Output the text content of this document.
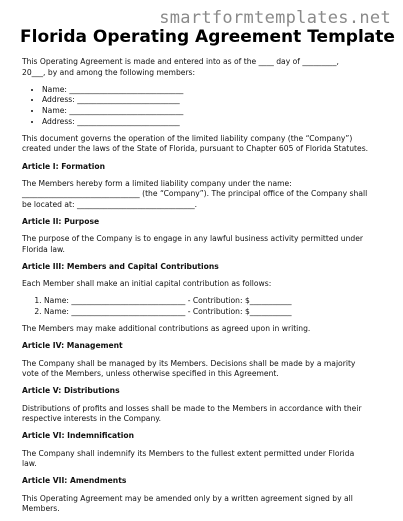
smartformtemplates.net
Florida Operating Agreement Template

This Operating Agreement is made and entered into as of the ____ day of _________,
20___, by and among the following members:

• Name: ______________________________
• Address: ___________________________
• Name: ______________________________
• Address: ___________________________

This document governs the operation of the limited liability company (the “Company”)
created under the laws of the State of Florida, pursuant to Chapter 605 of Florida Statutes.

Article I: Formation

The Members hereby form a limited liability company under the name:
_______________________________ (the “Company”). The principal office of the Company shall
be located at: _______________________________.

Article II: Purpose

The purpose of the Company is to engage in any lawful business activity permitted under
Florida law.

Article III: Members and Capital Contributions

Each Member shall make an initial capital contribution as follows:

1. Name: ______________________________ - Contribution: $___________
2. Name: ______________________________ - Contribution: $___________

The Members may make additional contributions as agreed upon in writing.

Article IV: Management

The Company shall be managed by its Members. Decisions shall be made by a majority
vote of the Members, unless otherwise specified in this Agreement.

Article V: Distributions

Distributions of profits and losses shall be made to the Members in accordance with their
respective interests in the Company.

Article VI: Indemnification

The Company shall indemnify its Members to the fullest extent permitted under Florida
law.

Article VII: Amendments

This Operating Agreement may be amended only by a written agreement signed by all
Members.
